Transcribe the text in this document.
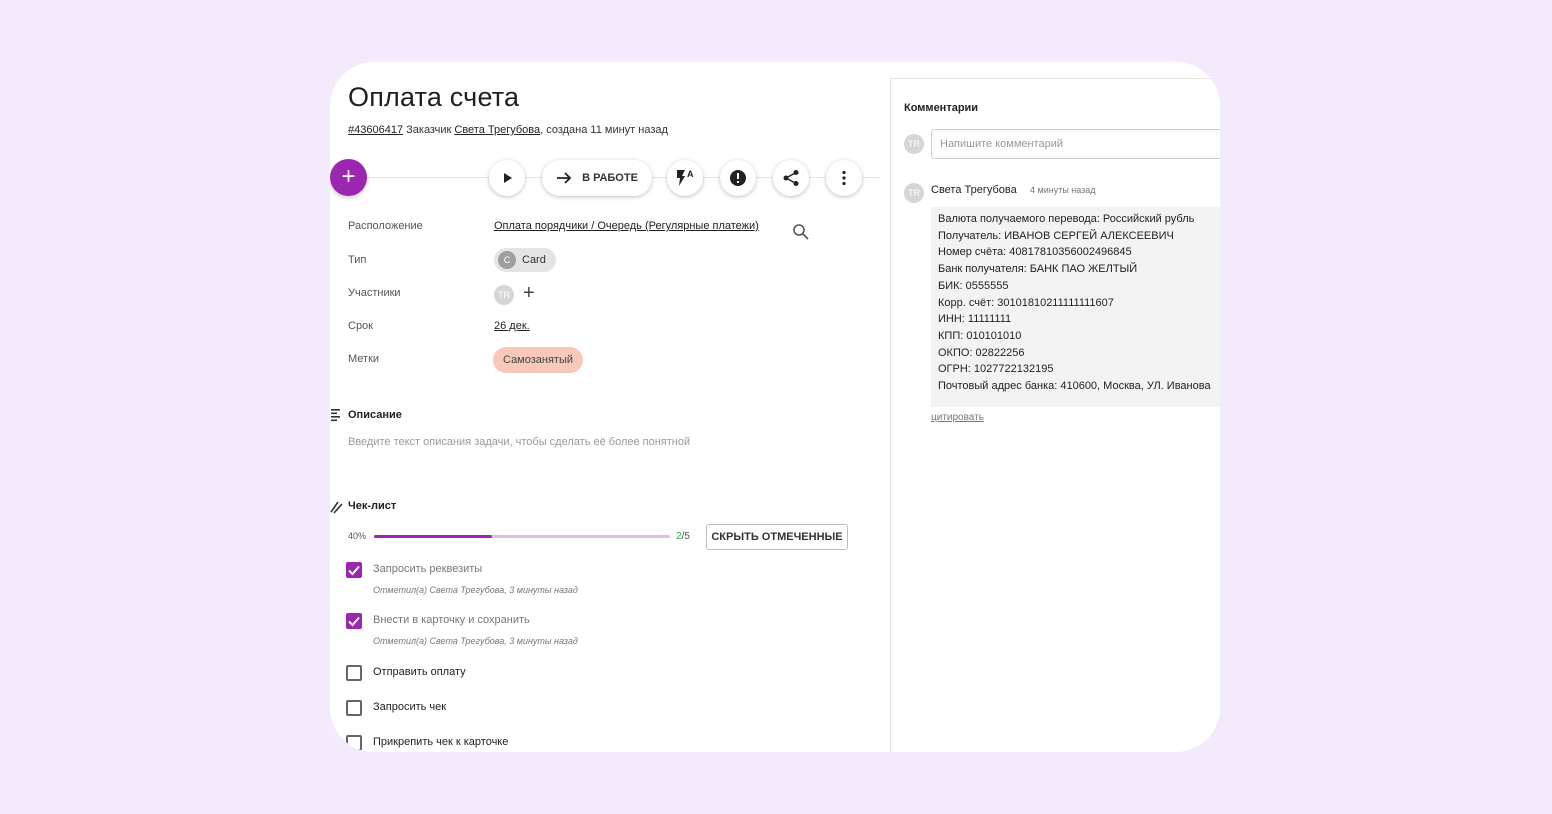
Оплата счета
#43606417 Заказчик Света Трегубова, создана 11 минут назад
+	В РАБОТЕ	A
Расположение	Оплата порядчики / Очередь (Регулярные платежи)
Тип	C	Card
Участники	TR +
Срок	26 дек.
Метки	Самозанятый
Описание
Введите текст описания задачи, чтобы сделать её более понятной
Чек-лист
40%	2/5	СКРЫТЬ ОТМЕЧЕННЫЕ
Запросить реквезиты
Отметил(а) Света Трегубова, 3 минуты назад
Внести в карточку и сохранить
Отметил(а) Света Трегубова, 3 минуты назад
Отправить оплату
Запросить чек
Прикрепить чек к карточке
Комментарии
TR
Напишите комментарий
TR	Света Трегубова 4 минуты назад
Валюта получаемого перевода: Российский рубль
Получатель: ИВАНОВ СЕРГЕЙ АЛЕКСЕЕВИЧ
Номер счёта: 40817810356002496845
Банк получателя: БАНК ПАО ЖЕЛТЫЙ
БИК: 0555555
Корр. счёт: 30101810211111111607
ИНН: 11111111
КПП: 010101010
ОКПО: 02822256
ОГРН: 1027722132195
Почтовый адрес банка: 410600, Москва, УЛ. Иванова
цитировать
